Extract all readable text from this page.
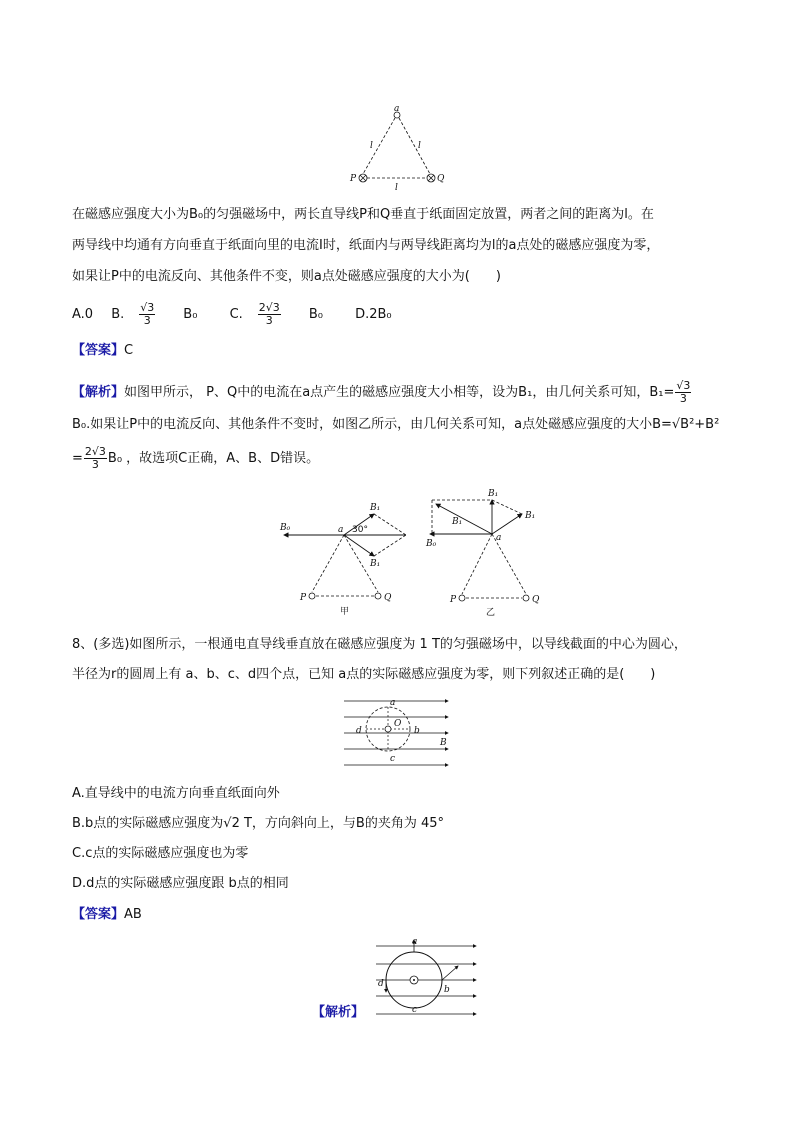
a
l	l
l
P	Q
在磁感应强度大小为B₀的匀强磁场中，两长直导线P和Q垂直于纸面固定放置，两者之间的距离为l。在
两导线中均通有方向垂直于纸面向里的电流I时，纸面内与两导线距离均为l的a点处的磁感应强度为零，
如果让P中的电流反向、其他条件不变，则a点处磁感应强度的大小为(　　)
A.0 B. $\frac{√3}{3} B_0$ C. $\frac{2√3}{3} B_0$ D.2B₀
【答案】C
【解析】如图甲所示， P、Q中的电流在a点产生的磁感应强度大小相等，设为B₁，由几何关系可知，$B_1= \frac{√3}{3}$
B₀.如果让P中的电流反向、其他条件不变时，如图乙所示，由几何关系可知，a点处磁感应强度的大小B=√B²+B²
= $\frac{2√3}{3} B_0$ ，故选项C正确，A、B、D错误。
B₀	a
B₁
B₁
30°
P	Q
甲
B₁
B₁
B₁
B₀
a
P	Q
乙
8、(多选)如图所示，一根通电直导线垂直放在磁感应强度为 1 T的匀强磁场中，以导线截面的中心为圆心，
半径为r的圆周上有 a、b、c、d四个点，已知 a点的实际磁感应强度为零，则下列叙述正确的是(　　)
a
b
c
d
O
B
A.直导线中的电流方向垂直纸面向外
B.b点的实际磁感应强度为√2 T，方向斜向上，与B的夹角为 45°
C.c点的实际磁感应强度也为零
D.d点的实际磁感应强度跟 b点的相同
【答案】AB
a
b
c
d
【解析】
